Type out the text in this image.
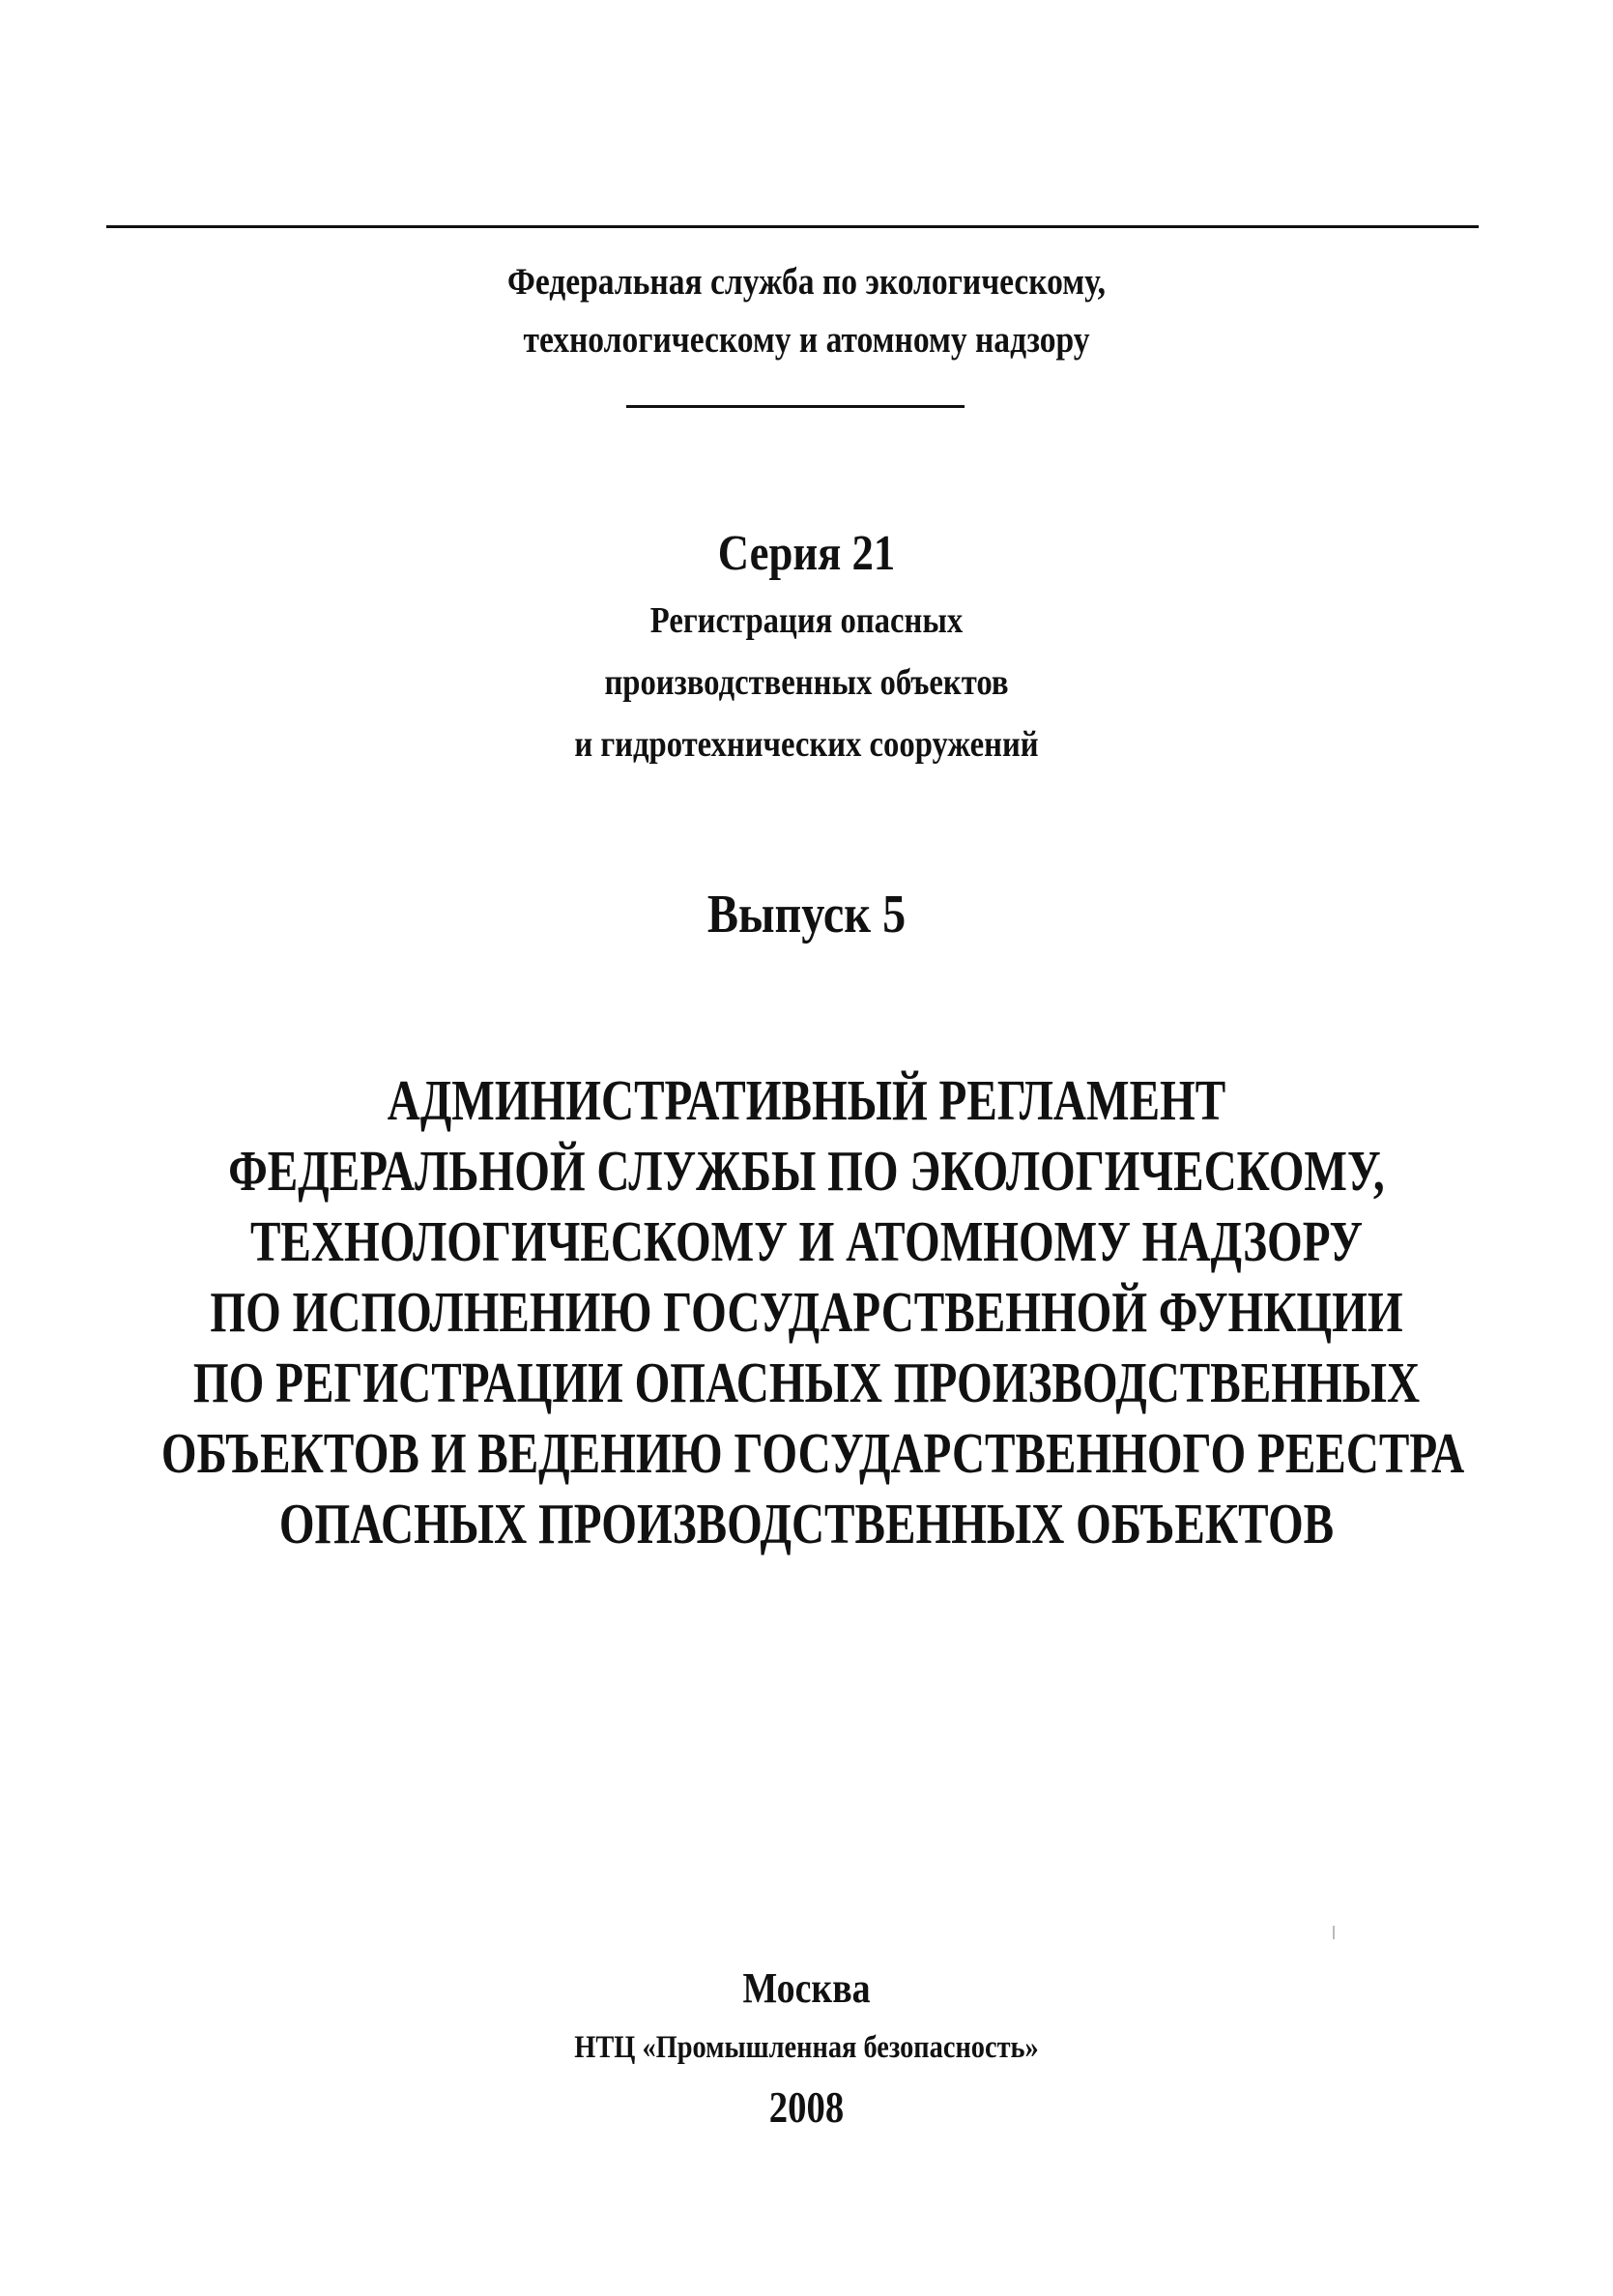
Федеральная служба по экологическому,
технологическому и атомному надзору
Серия 21
Регистрация опасных
производственных объектов
и гидротехнических сооружений
Выпуск 5
АДМИНИСТРАТИВНЫЙ РЕГЛАМЕНТ
ФЕДЕРАЛЬНОЙ СЛУЖБЫ ПО ЭКОЛОГИЧЕСКОМУ,
ТЕХНОЛОГИЧЕСКОМУ И АТОМНОМУ НАДЗОРУ
ПО ИСПОЛНЕНИЮ ГОСУДАРСТВЕННОЙ ФУНКЦИИ
ПО РЕГИСТРАЦИИ ОПАСНЫХ ПРОИЗВОДСТВЕННЫХ
ОБЪЕКТОВ И ВЕДЕНИЮ ГОСУДАРСТВЕННОГО РЕЕСТРА
ОПАСНЫХ ПРОИЗВОДСТВЕННЫХ ОБЪЕКТОВ
Москва
НТЦ «Промышленная безопасность»
2008
